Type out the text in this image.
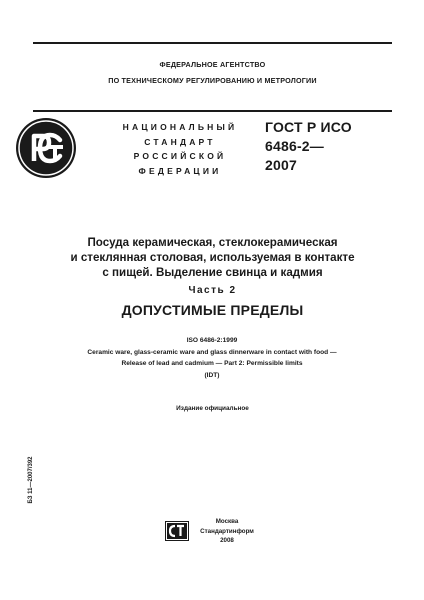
ФЕДЕРАЛЬНОЕ АГЕНТСТВО
ПО ТЕХНИЧЕСКОМУ РЕГУЛИРОВАНИЮ И МЕТРОЛОГИИ
НАЦИОНАЛЬНЫЙ
СТАНДАРТ
РОССИЙСКОЙ
ФЕДЕРАЦИИ
ГОСТ Р ИСО
6486-2—
2007
Посуда керамическая, стеклокерамическая
и стеклянная столовая, используемая в контакте
с пищей. Выделение свинца и кадмия
Часть 2
ДОПУСТИМЫЕ ПРЕДЕЛЫ
ISO 6486-2:1999
Ceramic ware, glass-ceramic ware and glass dinnerware in contact with food —
Release of lead and cadmium — Part 2: Permissible limits
(IDT)
Издание официальное
БЗ 11—2007/392
Москва
Стандартинформ
2008
